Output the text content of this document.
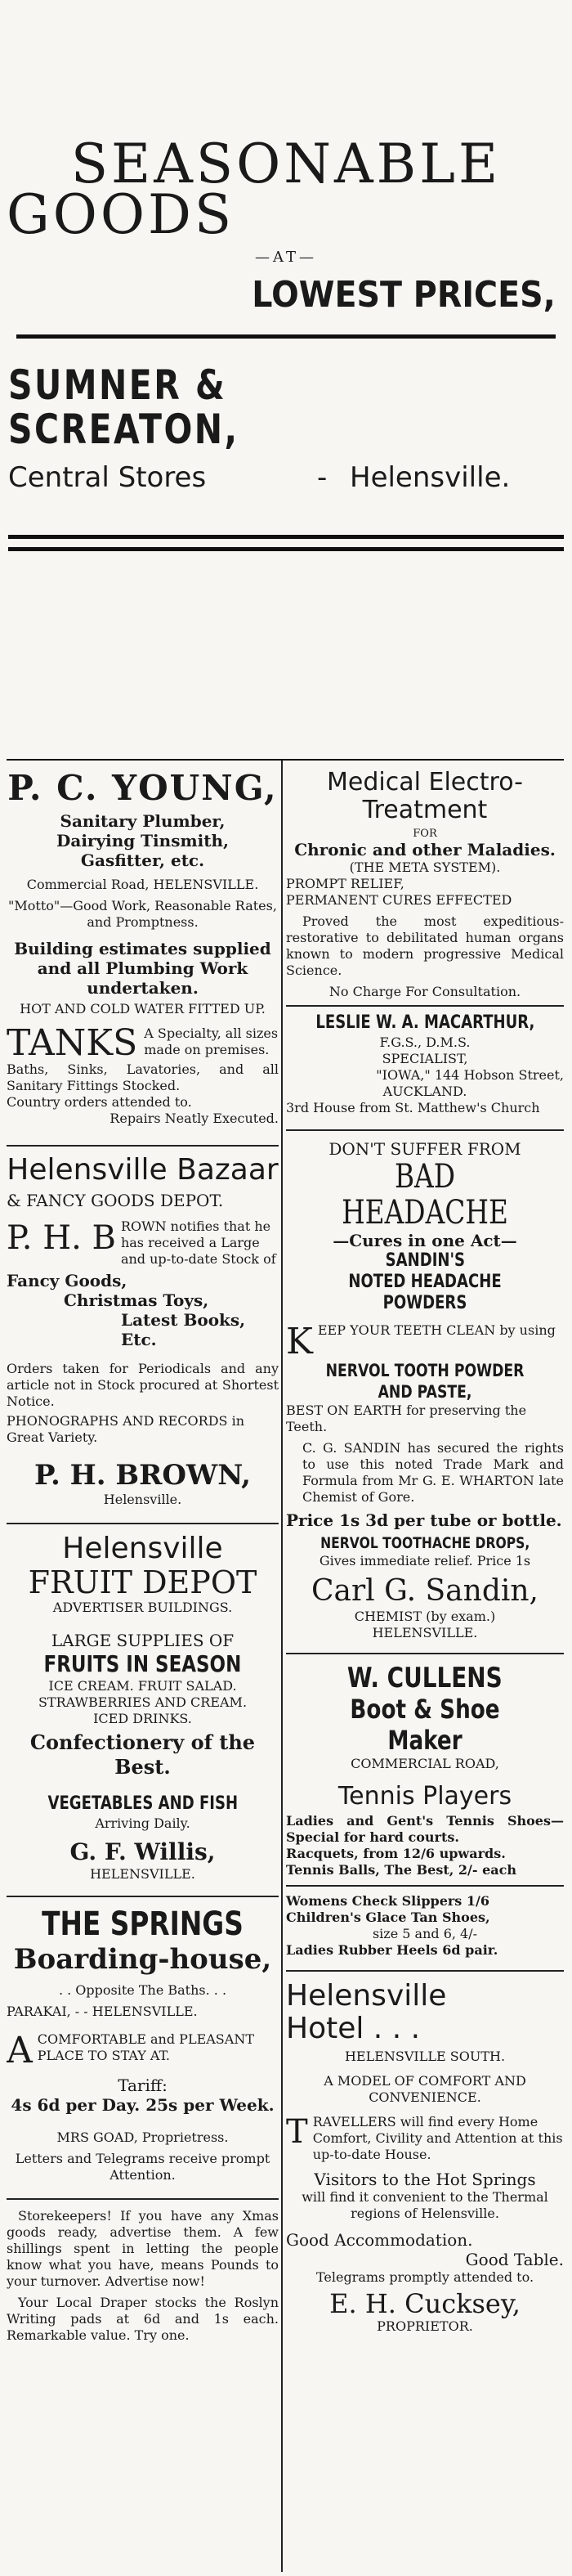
SEASONABLE
GOODS
—AT—
LOWEST PRICES,
SUMNER & SCREATON,
Central Stores	- Helensville.
P. C. YOUNG,
Sanitary Plumber,
Dairying Tinsmith,
Gasfitter, etc.
Commercial Road, HELENSVILLE.
"Motto"—Good Work, Reasonable Rates, and Promptness.
Building estimates supplied and all Plumbing Work undertaken.
HOT AND COLD WATER FITTED UP.
TANKS A Specialty, all sizes made on premises.
Baths, Sinks, Lavatories, and all Sanitary Fittings Stocked.
Country orders attended to.
Repairs Neatly Executed.
Helensville Bazaar
& FANCY GOODS DEPOT.
P. H. B ROWN notifies that he has received a Large and up-to-date Stock of
Fancy Goods,
Christmas Toys,
Latest Books, Etc.
Orders taken for Periodicals and any article not in Stock procured at Shortest Notice.
PHONOGRAPHS AND RECORDS in Great Variety.
P. H. BROWN,
Helensville.
Helensville
FRUIT DEPOT
ADVERTISER BUILDINGS.
LARGE SUPPLIES OF
FRUITS IN SEASON
ICE CREAM. FRUIT SALAD.
STRAWBERRIES AND CREAM.
ICED DRINKS.
Confectionery of the Best.
VEGETABLES AND FISH
Arriving Daily.
G. F. Willis,
HELENSVILLE.
THE SPRINGS
Boarding-house,
. . Opposite The Baths. . .
PARAKAI, - - HELENSVILLE.
A COMFORTABLE and PLEASANT PLACE TO STAY AT.
Tariff:
4s 6d per Day. 25s per Week.
MRS GOAD, Proprietress.
Letters and Telegrams receive prompt Attention.
Storekeepers! If you have any Xmas goods ready, advertise them. A few shillings spent in letting the people know what you have, means Pounds to your turnover. Advertise now!
Your Local Draper stocks the Roslyn Writing pads at 6d and 1s each. Remarkable value. Try one.
Medical Electro-
Treatment
FOR
Chronic and other Maladies.
(THE META SYSTEM).
PROMPT RELIEF,
PERMANENT CURES EFFECTED
Proved the most expeditious-restorative to debilitated human organs known to modern progressive Medical Science.
No Charge For Consultation.
LESLIE W. A. MACARTHUR,
F.G.S., D.M.S.
SPECIALIST,
"IOWA," 144 Hobson Street,
AUCKLAND.
3rd House from St. Matthew's Church
DON'T SUFFER FROM
BAD HEADACHE
—Cures in one Act—
SANDIN'S
NOTED HEADACHE POWDERS
K EEP YOUR TEETH CLEAN by using
NERVOL TOOTH POWDER AND PASTE,
BEST ON EARTH for preserving the Teeth.
C. G. SANDIN has secured the rights to use this noted Trade Mark and Formula from Mr G. E. WHARTON late Chemist of Gore.
Price 1s 3d per tube or bottle.
NERVOL TOOTHACHE DROPS,
Gives immediate relief. Price 1s
Carl G. Sandin,
CHEMIST (by exam.)
HELENSVILLE.
W. CULLENS
Boot & Shoe Maker
COMMERCIAL ROAD,
Tennis Players
Ladies and Gent's Tennis Shoes—Special for hard courts.
Racquets, from 12/6 upwards.
Tennis Balls, The Best, 2/- each
Womens Check Slippers 1/6
Children's Glace Tan Shoes,
size 5 and 6, 4/-
Ladies Rubber Heels 6d pair.
Helensville
Hotel . . .
HELENSVILLE SOUTH.
A MODEL OF COMFORT AND CONVENIENCE.
T RAVELLERS will find every Home Comfort, Civility and Attention at this up-to-date House.
Visitors to the Hot Springs
will find it convenient to the Thermal regions of Helensville.
Good Accommodation.
Good Table.
Telegrams promptly attended to.
E. H. Cucksey,
PROPRIETOR.
